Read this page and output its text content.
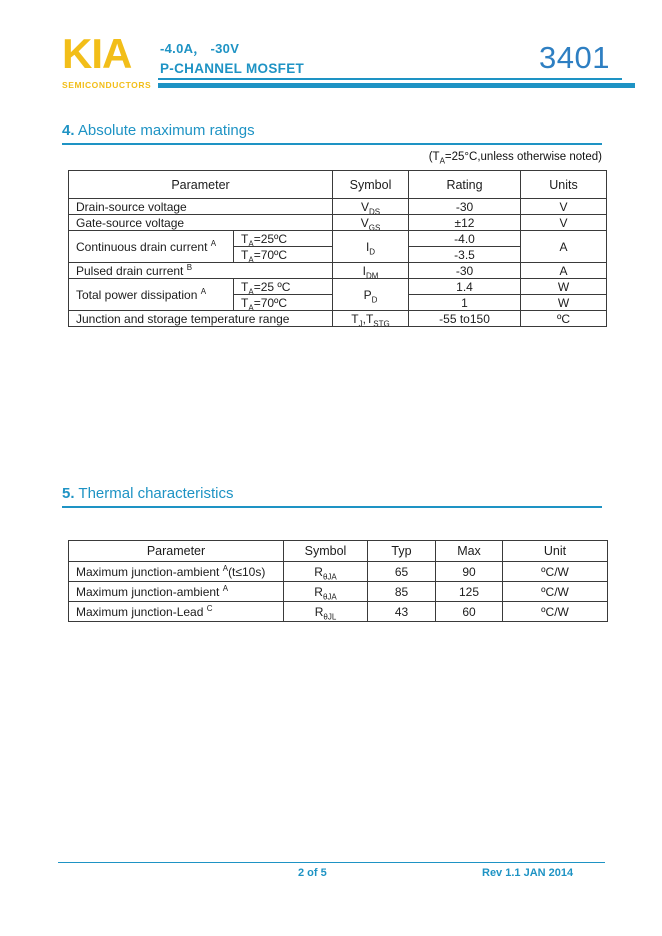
KIA
SEMICONDUCTORS
-4.0A， -30V
P-CHANNEL MOSFET	3401
4. Absolute maximum ratings
($T_A=25^\circ C,unless$ otherwise noted)
Parameter		Symbol	Rating	Units
Drain-source voltage		$V_{DS}$	-30	V
Gate-source voltage		$V_{GS}$	±12	V
Continuous drain current $^A$	$T_A=25ºC$	$I_D$	-4.0	A
	$T_A=70ºC$		-3.5	
Pulsed drain current $^B$		$I_{DM}$	-30	A
Total power dissipation $^A$	$T_A=25$ ºC	$P_D$	1.4	W
	$T_A=70ºC$		1	W
Junction and storage temperature range		$T_J,T_{STG}$	-55 to150	ºC
5. Thermal characteristics
Parameter	Symbol	Typ	Max	Unit
Maximum junction-ambient $^A$(t≤10s)	$R_{\theta JA}$	65	90	ºC/W
Maximum junction-ambient $^A$	$R_{\theta JA}$	85	125	ºC/W
Maximum junction-Lead $^C$	$R_{\theta JL}$	43	60	ºC/W
2 of 5	Rev 1.1 JAN 2014
